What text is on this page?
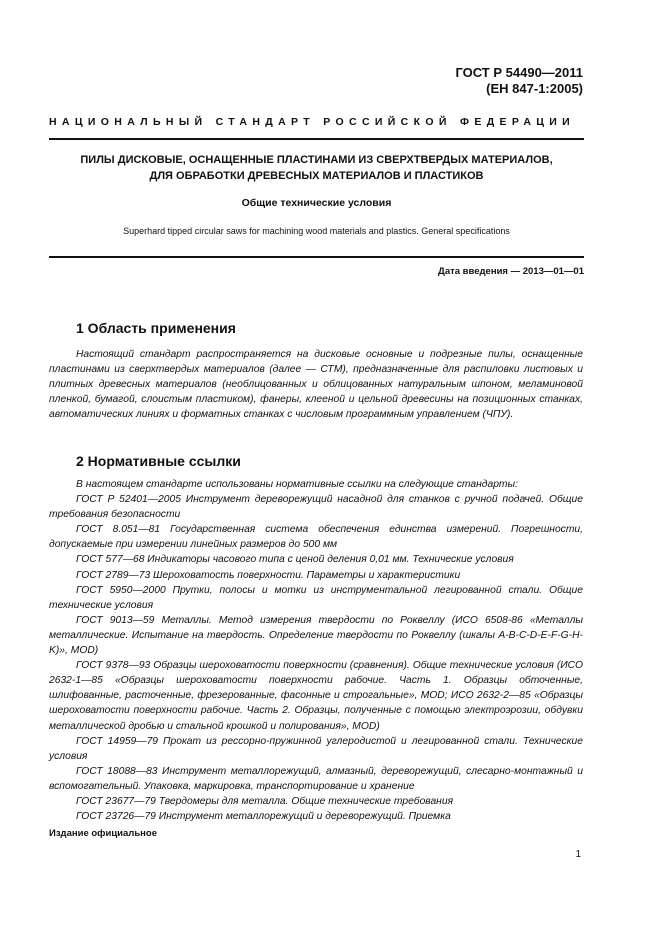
ГОСТ Р 54490—2011
(ЕН 847-1:2005)
НАЦИОНАЛЬНЫЙ СТАНДАРТ РОССИЙСКОЙ ФЕДЕРАЦИИ
ПИЛЫ ДИСКОВЫЕ, ОСНАЩЕННЫЕ ПЛАСТИНАМИ ИЗ СВЕРХТВЕРДЫХ МАТЕРИАЛОВ,
ДЛЯ ОБРАБОТКИ ДРЕВЕСНЫХ МАТЕРИАЛОВ И ПЛАСТИКОВ
Общие технические условия
Superhard tipped circular saws for machining wood materials and plastics. General specifications
Дата введения — 2013—01—01
1 Область применения

Настоящий стандарт распространяется на дисковые основные и подрезные пилы, оснащенные пластинами из сверхтвердых материалов (далее — СТМ), предназначенные для распиловки листовых и плитных древесных материалов (необлицованных и облицованных натуральным шпоном, меламиновой пленкой, бумагой, слоистым пластиком), фанеры, клееной и цельной древесины на позиционных станках, автоматических линиях и форматных станках с числовым программным управлением (ЧПУ).

2 Нормативные ссылки

В настоящем стандарте использованы нормативные ссылки на следующие стандарты:

ГОСТ Р 52401—2005 Инструмент дереворежущий насадной для станков с ручной подачей. Общие требования безопасности

ГОСТ 8.051—81 Государственная система обеспечения единства измерений. Погрешности, допускаемые при измерении линейных размеров до 500 мм

ГОСТ 577—68 Индикаторы часового типа с ценой деления 0,01 мм. Технические условия

ГОСТ 2789—73 Шероховатость поверхности. Параметры и характеристики

ГОСТ 5950—2000 Прутки, полосы и мотки из инструментальной легированной стали. Общие технические условия

ГОСТ 9013—59 Металлы. Метод измерения твердости по Роквеллу (ИСО 6508-86 «Металлы металлические. Испытание на твердость. Определение твердости по Роквеллу (шкалы A-B-C-D-E-F-G-H-K)», MOD)

ГОСТ 9378—93 Образцы шероховатости поверхности (сравнения). Общие технические условия (ИСО 2632-1—85 «Образцы шероховатости поверхности рабочие. Часть 1. Образцы обточенные, шлифованные, расточенные, фрезерованные, фасонные и строгальные», MOD; ИСО 2632-2—85 «Образцы шероховатости поверхности рабочие. Часть 2. Образцы, полученные с помощью электроэрозии, обдувки металлической дробью и стальной крошкой и полирования», MOD)

ГОСТ 14959—79 Прокат из рессорно-пружинной углеродистой и легированной стали. Технические условия

ГОСТ 18088—83 Инструмент металлорежущий, алмазный, дереворежущий, слесарно-монтажный и вспомогательный. Упаковка, маркировка, транспортирование и хранение

ГОСТ 23677—79 Твердомеры для металла. Общие технические требования

ГОСТ 23726—79 Инструмент металлорежущий и дереворежущий. Приемка

Издание официальное
1
